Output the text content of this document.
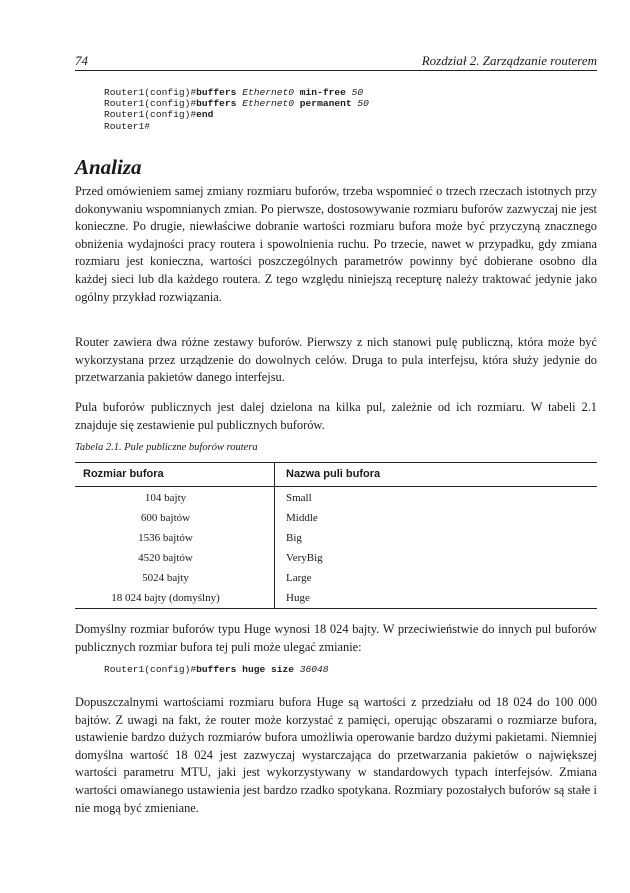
74	Rozdział 2. Zarządzanie routerem
Router1(config)#buffers Ethernet0 min-free 50
Router1(config)#buffers Ethernet0 permanent 50
Router1(config)#end
Router1#
Analiza

Przed omówieniem samej zmiany rozmiaru buforów, trzeba wspomnieć o trzech rzeczach istotnych przy dokonywaniu wspomnianych zmian. Po pierwsze, dostosowywanie rozmiaru buforów zazwyczaj nie jest konieczne. Po drugie, niewłaściwe dobranie wartości rozmiaru bufora może być przyczyną znacznego obniżenia wydajności pracy routera i spowolnienia ruchu. Po trzecie, nawet w przypadku, gdy zmiana rozmiaru jest konieczna, wartości poszczególnych parametrów powinny być dobierane osobno dla każdej sieci lub dla każdego routera. Z tego względu niniejszą recepturę należy traktować jedynie jako ogólny przykład rozwiązania.

Router zawiera dwa różne zestawy buforów. Pierwszy z nich stanowi pulę publiczną, która może być wykorzystana przez urządzenie do dowolnych celów. Druga to pula interfejsu, która służy jedynie do przetwarzania pakietów danego interfejsu.

Pula buforów publicznych jest dalej dzielona na kilka pul, zależnie od ich rozmiaru. W tabeli 2.1 znajduje się zestawienie pul publicznych buforów.

Tabela 2.1. Pule publiczne buforów routera
Rozmiar bufora	Nazwa puli bufora
104 bajty	Small
600 bajtów	Middle
1536 bajtów	Big
4520 bajtów	VeryBig
5024 bajty	Large
18 024 bajty (domyślny)	Huge

Domyślny rozmiar buforów typu Huge wynosi 18 024 bajty. W przeciwieństwie do innych pul buforów publicznych rozmiar bufora tej puli może ulegać zmianie:

Router1(config)#buffers huge size 36048

Dopuszczalnymi wartościami rozmiaru bufora Huge są wartości z przedziału od 18 024 do 100 000 bajtów. Z uwagi na fakt, że router może korzystać z pamięci, operując obszarami o rozmiarze bufora, ustawienie bardzo dużych rozmiarów bufora umożliwia operowanie bardzo dużymi pakietami. Niemniej domyślna wartość 18 024 jest zazwyczaj wystarczająca do przetwarzania pakietów o największej wartości parametru MTU, jaki jest wykorzystywany w standardowych typach interfejsów. Zmiana wartości omawianego ustawienia jest bardzo rzadko spotykana. Rozmiary pozostałych buforów są stałe i nie mogą być zmieniane.
